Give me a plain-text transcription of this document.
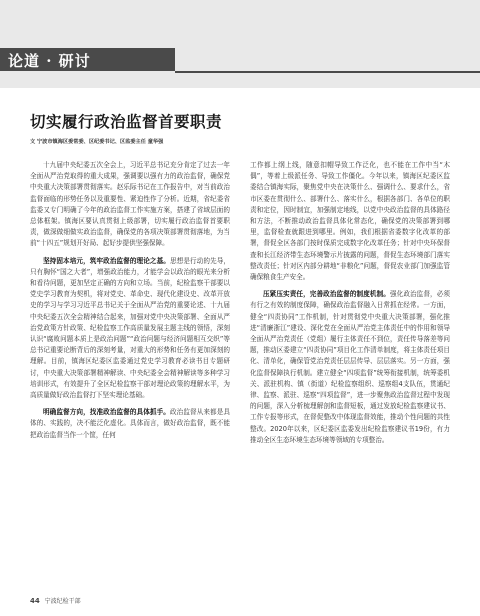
论道 · 研讨
切实履行政治监督首要职责
文 宁波市镇海区委常委、区纪委书记、区监委主任 童华强

十九届中央纪委五次全会上，习近平总书记充分肯定了过去一年全面从严治党取得的重大成果，强调要以强有力的政治监督，确保党中央重大决策部署贯彻落实。赵乐际书记在工作报告中，对当前政治监督面临的形势任务以及重要性、紧迫性作了分析。近期，省纪委省监委又专门明确了今年的政治监督工作实施方案，搭建了省域层面的总体框架。镇海区要认真贯彻上级部署，切实履行政治监督首要职责，做深做细做实政治监督，确保党的各项决策部署贯彻落地，为当前“十四五”规划开好局、起好步提供坚强保障。

坚持固本培元，筑牢政治监督的理论之基。思想是行动的先导，只有胸怀“国之大者”，增强政治能力，才能学会以政治的眼光来分析和看待问题，更加坚定正确的方向和立场。当前，纪检监察干部要以党史学习教育为契机，将对党史、革命史、现代化建设史、改革开放史的学习与学习习近平总书记关于全面从严治党的重要论述、十九届中央纪委五次全会精神结合起来，加强对党中央决策部署、全面从严治党政策方针政策、纪检监察工作高质量发展主题主线的领悟，深刻认识“腐败问题本质上是政治问题”“政治问题与经济问题相互交织”等总书记重要论断背后的深刻考量，对重大的形势和任务有更加深刻的理解。目前，镇海区纪委区监委通过党史学习教育必读书目专题研讨，中央重大决策部署精神解读、中央纪委全会精神解读等多种学习培训形式，有效提升了全区纪检监察干部对理论政策的理解水平，为高质量做好政治监督打下坚实理论基础。

明确监督方向，找准政治监督的具体抓手。政治监督从来都是具体的、实践的，决不能泛化虚化。具体而言，做好政治监督，既不能把政治监督当作一个筐，任何

工作都上纲上线，随意扣帽导致工作泛化，也不能在工作中当“木偶”，等着上级派任务、导致工作僵化。今年以来，镇海区纪委区监委结合镇海实际，聚焦党中央在决策什么、强调什么、要求什么，省市区委在贯彻什么、部署什么、落实什么，根据各部门、各单位的职责和定位，因时制宜，加强制定地线，以党中央政治监督的具体路径和方法，不断推动政治监督具体化常态化，确保党的决策部署到哪里，监督检查就跟进到哪里。例如，我们根据省委数字化改革的部署，督促全区各部门按时保质完成数字化改革任务；针对中央环保督查和长江经济带生态环境警示片披露的问题，督促生态环境部门落实整改责任；针对区内部分耕地“非粮化”问题，督促农业部门加强监管确保粮食生产安全。

压紧压实责任，完善政治监督的制度机制。强化政治监督，必须有行之有效的制度保障，确保政治监督融入日常抓在经常。一方面，健全“四责协同”工作机制，针对贯彻党中央重大决策部署，强化推进“清廉浙江”建设、深化党在全面从严治党主体责任中的作用和领导全面从严治党责任（党组）履行主体责任不到位，责任传导落差等问题，推动区委建立“四责协同”项目化工作清单制度，将主体责任项目化、清单化，确保管党治党责任层层传导、层层落实。另一方面，强化监督保障执行机制。建立健全“四项监督”统筹衔接机制，统筹委机关、派驻机构、镇（街道）纪检监察组织、巡察组4支队伍，贯通纪律、监察、派驻、巡察“四项监督”，进一步聚焦政治监督过程中发现的问题，深入分析梳理解剖和监督短板，通过发放纪检监察建议书、工作专报等形式，在督促整改中体现监督效能，推动个性问题的共性整改。2020年以来，区纪委区监委发出纪检监察建议书19份，有力推动全区生态环境生态环境等领域的专项整治。

44 宁波纪检干部
